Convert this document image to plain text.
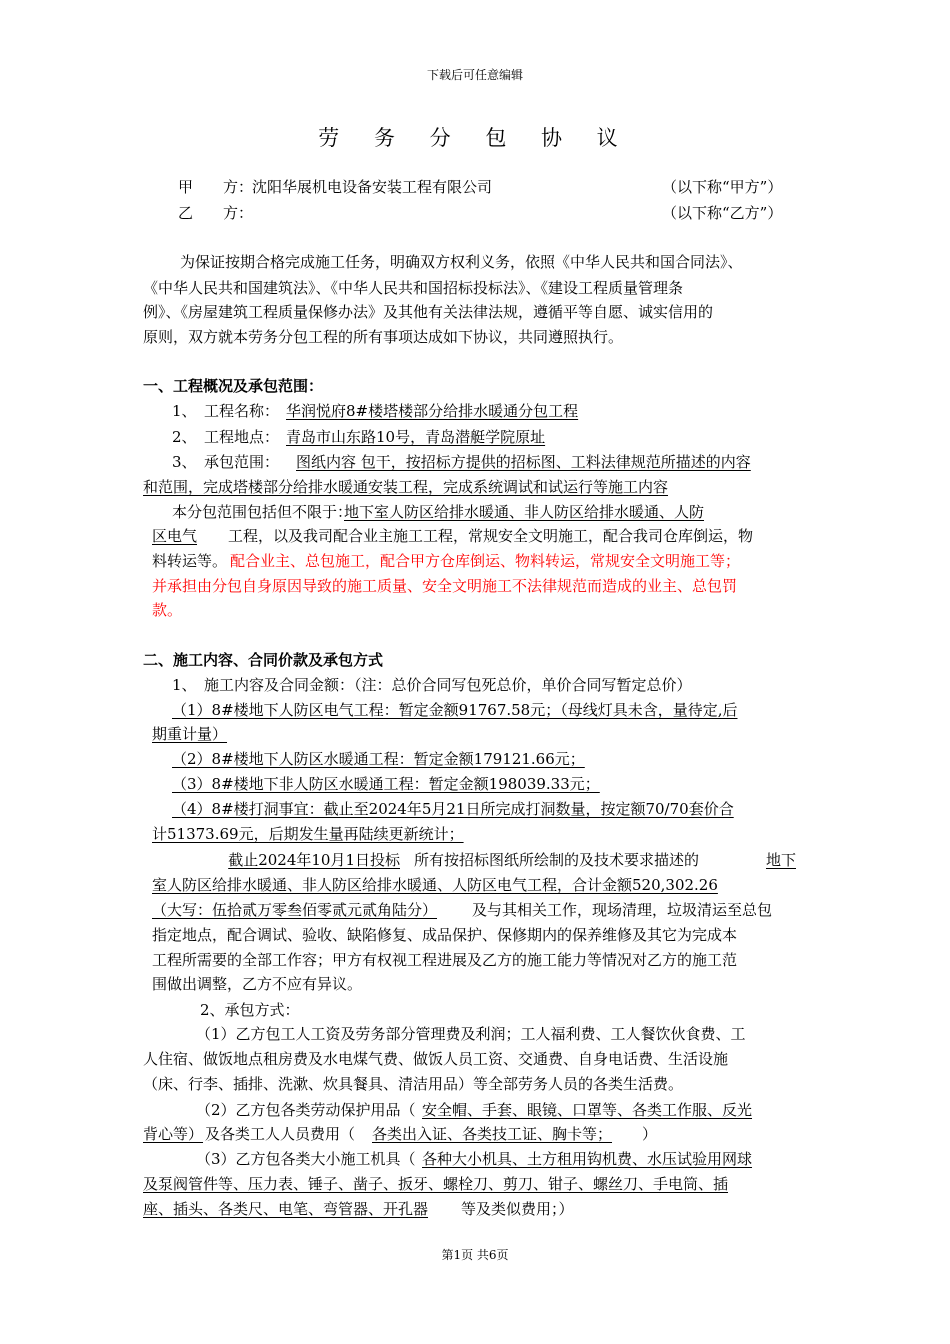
下载后可任意编辑
劳 务 分 包 协 议
甲　　方：
沈阳华展机电设备安装工程有限公司	（以下称“甲方”）
乙　　方：	（以下称“乙方”）
为保证按期合格完成施工任务，明确双方权利义务，依照《中华人民共和国合同法》、
《中华人民共和国建筑法》、《中华人民共和国招标投标法》、《建设工程质量管理条
例》、《房屋建筑工程质量保修办法》及其他有关法律法规，遵循平等自愿、诚实信用的
原则，双方就本劳务分包工程的所有事项达成如下协议，共同遵照执行。
一、工程概况及承包范围：
1、　工程名称： 华润悦府8#楼塔楼部分给排水暖通分包工程
2、　工程地点： 青岛市山东路10号，青岛潜艇学院原址
3、　承包范围： 图纸内容 包干，按招标方提供的招标图、工料法律规范所描述的内容
和范围，完成塔楼部分给排水暖通安装工程，完成系统调试和试运行等施工内容
本分包范围包括但不限于：
地下室人防区给排水暖通、非人防区给排水暖通、人防
区电气	工程，以及我司配合业主施工工程，常规安全文明施工，配合我司仓库倒运，物
料转运等。 配合业主、总包施工，配合甲方仓库倒运、物料转运，常规安全文明施工等；
并承担由分包自身原因导致的施工质量、安全文明施工不法律规范而造成的业主、总包罚
款。
二、施工内容、合同价款及承包方式
1、　施工内容及合同金额：（注：总价合同写包死总价，单价合同写暂定总价）
（1）8#楼地下人防区电气工程：暂定金额91767.58元；（母线灯具未含，量待定,后
期重计量）
（2）8#楼地下人防区水暖通工程：暂定金额179121.66元；
（3）8#楼地下非人防区水暖通工程：暂定金额198039.33元；
（4）8#楼打洞事宜：截止至2024年5月21日所完成打洞数量，按定额70/70套价合
计51373.69元，后期发生量再陆续更新统计；
截止2024年10月1日投标 所有按招标图纸所绘制的及技术要求描述的	地下
室人防区给排水暖通、非人防区给排水暖通、人防区电气工程，合计金额520,302.26
（大写：伍拾贰万零叁佰零贰元贰角陆分） 及与其相关工作，现场清理，垃圾清运至总包
指定地点，配合调试、验收、缺陷修复、成品保护、保修期内的保养维修及其它为完成本
工程所需要的全部工作容；甲方有权视工程进展及乙方的施工能力等情况对乙方的施工范
围做出调整，乙方不应有异议。
2、承包方式：
（1）乙方包工人工资及劳务部分管理费及利润；工人福利费、工人餐饮伙食费、工
人住宿、做饭地点租房费及水电煤气费、做饭人员工资、交通费、自身电话费、生活设施
（床、行李、插排、洗漱、炊具餐具、清洁用品）等全部劳务人员的各类生活费。
（2）乙方包各类劳动保护用品（ 安全帽、手套、眼镜、口罩等、各类工作服、反光
背心等） 及各类工人人员费用（ 各类出入证、各类技工证、胸卡等； ）
（3）乙方包各类大小施工机具（ 各种大小机具、土方租用钩机费、水压试验用网球
及泵阀管件等、压力表、锤子、凿子、扳牙、螺栓刀、剪刀、钳子、螺丝刀、手电筒、插
座、插头、各类尺、电笔、弯管器、开孔器 等及类似费用；）
第1页 共6页
